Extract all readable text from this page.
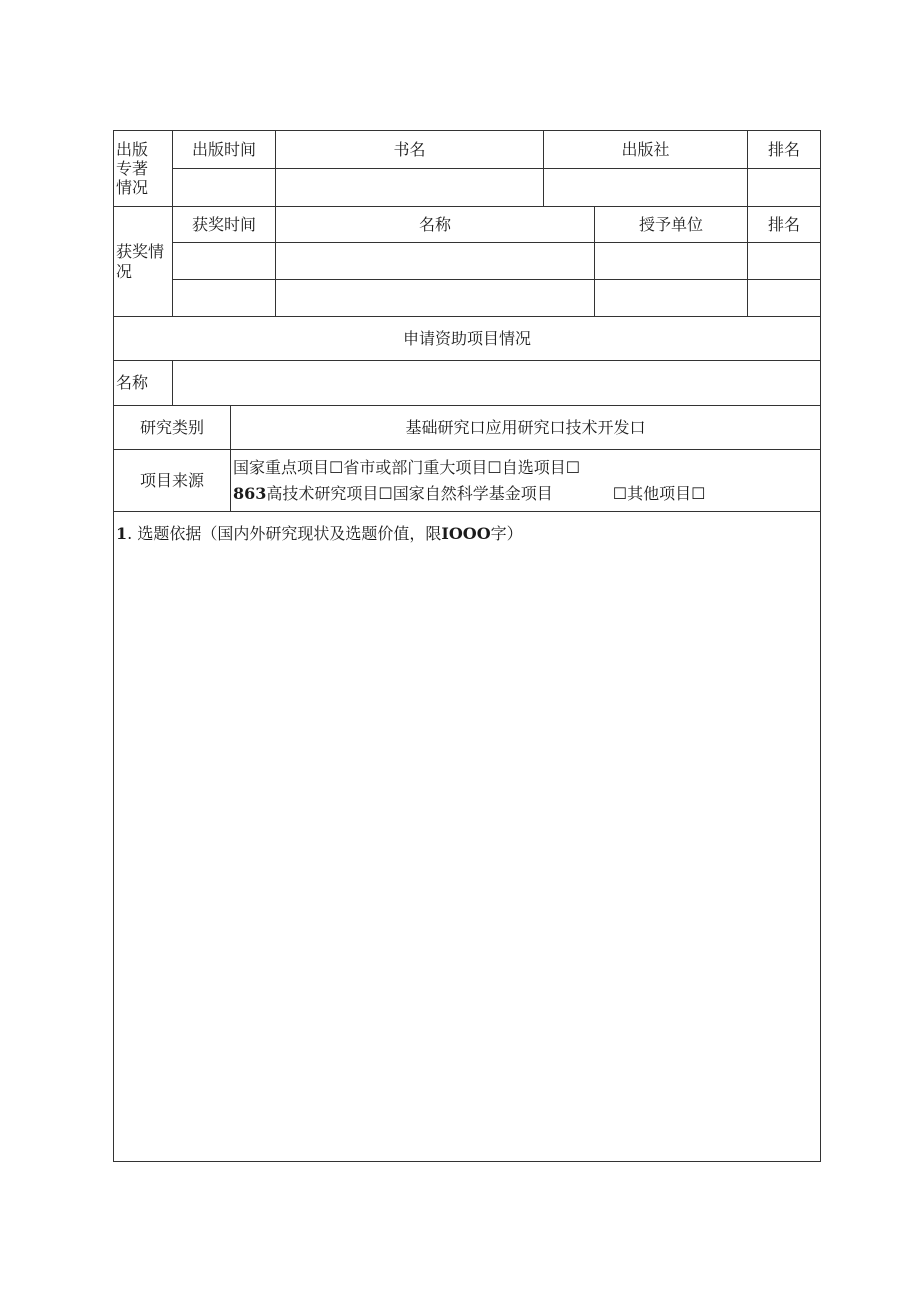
出版
专著
情况	出版时间		书名	出版社		排名

获奖情
况	获奖时间		名称		授予单位	排名

申请资助项目情况						
名称						
研究类别		基础研究口应用研究口技术开发口				
项目来源		国家重点项目☐省市或部门重大项目☐自选项目☐
863高技术研究项目☐国家自然科学基金项目 ☐其他项目☐				

1. 选题依据（国内外研究现状及选题价值，限IOOO字）						
